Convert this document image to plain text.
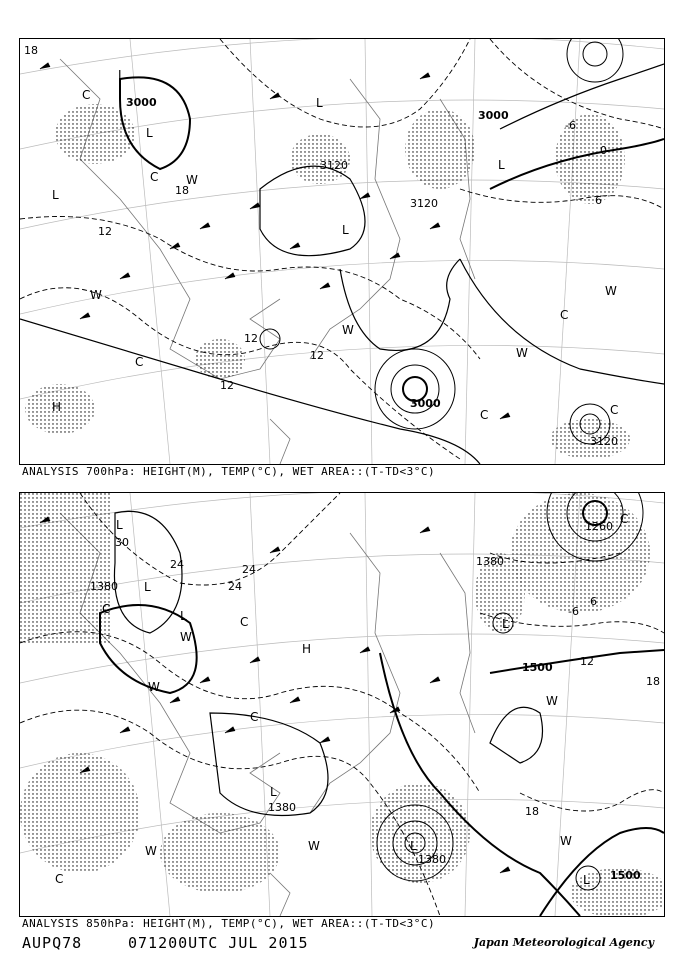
3000
3000
3000
3120
3120
3120
18
12
12
12
12
6
0
-6
18
L
L
L
L
L
L
H
W
W
W
W
W
C
C
C
C
C
C
ANALYSIS 700hPa: HEIGHT(M), TEMP(°C), WET AREA::(T-TD<3°C)
1380
1380
1380
1380
1500
1500
1260
30
24
24
24
18
18
12
6
-6
L
L
L
L
L
L
L
H
W
W
W
W
W
W
C
C
C
C
C
ANALYSIS 850hPa: HEIGHT(M), TEMP(°C), WET AREA::(T-TD<3°C)
AUPQ78	071200UTC JUL 2015	Japan Meteorological Agency
